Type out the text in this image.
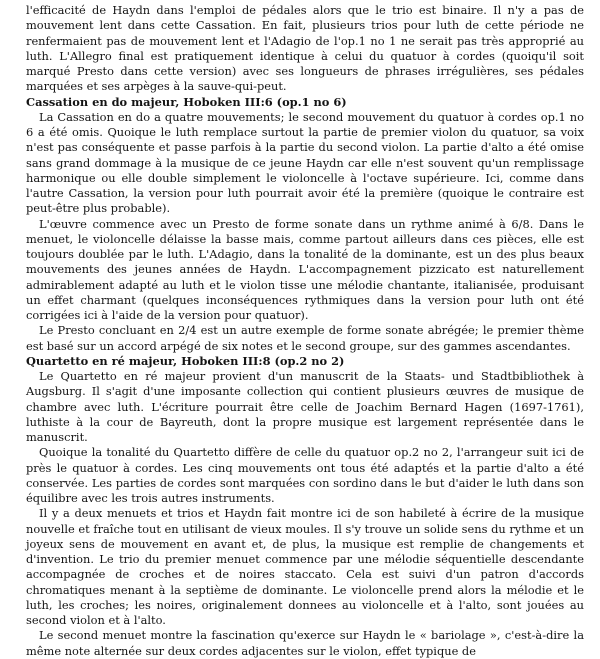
l'efficacité de Haydn dans l'emploi de pédales alors que le trio est binaire. Il n'y a pas de mouvement lent dans cette Cassation. En fait, plusieurs trios pour luth de cette période ne renfermaient pas de mouvement lent et l'Adagio de l'op.1 no 1 ne serait pas très approprié au luth. L'Allegro final est pratiquement identique à celui du quatuor à cordes (quoiqu'il soit marqué Presto dans cette version) avec ses longueurs de phrases irrégulières, ses pédales marquées et ses arpèges à la sauve-qui-peut.

Cassation en do majeur, Hoboken III:6 (op.1 no 6)

La Cassation en do a quatre mouvements; le second mouvement du quatuor à cordes op.1 no 6 a été omis. Quoique le luth remplace surtout la partie de premier violon du quatuor, sa voix n'est pas conséquente et passe parfois à la partie du second violon. La partie d'alto a été omise sans grand dommage à la musique de ce jeune Haydn car elle n'est souvent qu'un remplissage harmonique ou elle double simplement le violoncelle à l'octave supérieure. Ici, comme dans l'autre Cassation, la version pour luth pourrait avoir été la première (quoique le contraire est peut-être plus probable).

L'œuvre commence avec un Presto de forme sonate dans un rythme animé à 6/8. Dans le menuet, le violoncelle délaisse la basse mais, comme partout ailleurs dans ces pièces, elle est toujours doublée par le luth. L'Adagio, dans la tonalité de la dominante, est un des plus beaux mouvements des jeunes années de Haydn. L'accompagnement pizzicato est naturellement admirablement adapté au luth et le violon tisse une mélodie chantante, italianisée, produisant un effet charmant (quelques inconséquences rythmiques dans la version pour luth ont été corrigées ici à l'aide de la version pour quatuor).

Le Presto concluant en 2/4 est un autre exemple de forme sonate abrégée; le premier thème est basé sur un accord arpégé de six notes et le second groupe, sur des gammes ascendantes.

Quartetto en ré majeur, Hoboken III:8 (op.2 no 2)

Le Quartetto en ré majeur provient d'un manuscrit de la Staats- und Stadtbibliothek à Augsburg. Il s'agit d'une imposante collection qui contient plusieurs œuvres de musique de chambre avec luth. L'écriture pourrait être celle de Joachim Bernard Hagen (1697-1761), luthiste à la cour de Bayreuth, dont la propre musique est largement représentée dans le manuscrit.

Quoique la tonalité du Quartetto diffère de celle du quatuor op.2 no 2, l'arrangeur suit ici de près le quatuor à cordes. Les cinq mouvements ont tous été adaptés et la partie d'alto a été conservée. Les parties de cordes sont marquées con sordino dans le but d'aider le luth dans son équilibre avec les trois autres instruments.

Il y a deux menuets et trios et Haydn fait montre ici de son habileté à écrire de la musique nouvelle et fraîche tout en utilisant de vieux moules. Il s'y trouve un solide sens du rythme et un joyeux sens de mouvement en avant et, de plus, la musique est remplie de changements et d'invention. Le trio du premier menuet commence par une mélodie séquentielle descendante accompagnée de croches et de noires staccato. Cela est suivi d'un patron d'accords chromatiques menant à la septième de dominante. Le violoncelle prend alors la mélodie et le luth, les croches; les noires, originalement donnees au violoncelle et à l'alto, sont jouées au second violon et à l'alto.

Le second menuet montre la fascination qu'exerce sur Haydn le « bariolage », c'est-à-dire la même note alternée sur deux cordes adjacentes sur le violon, effet typique de
